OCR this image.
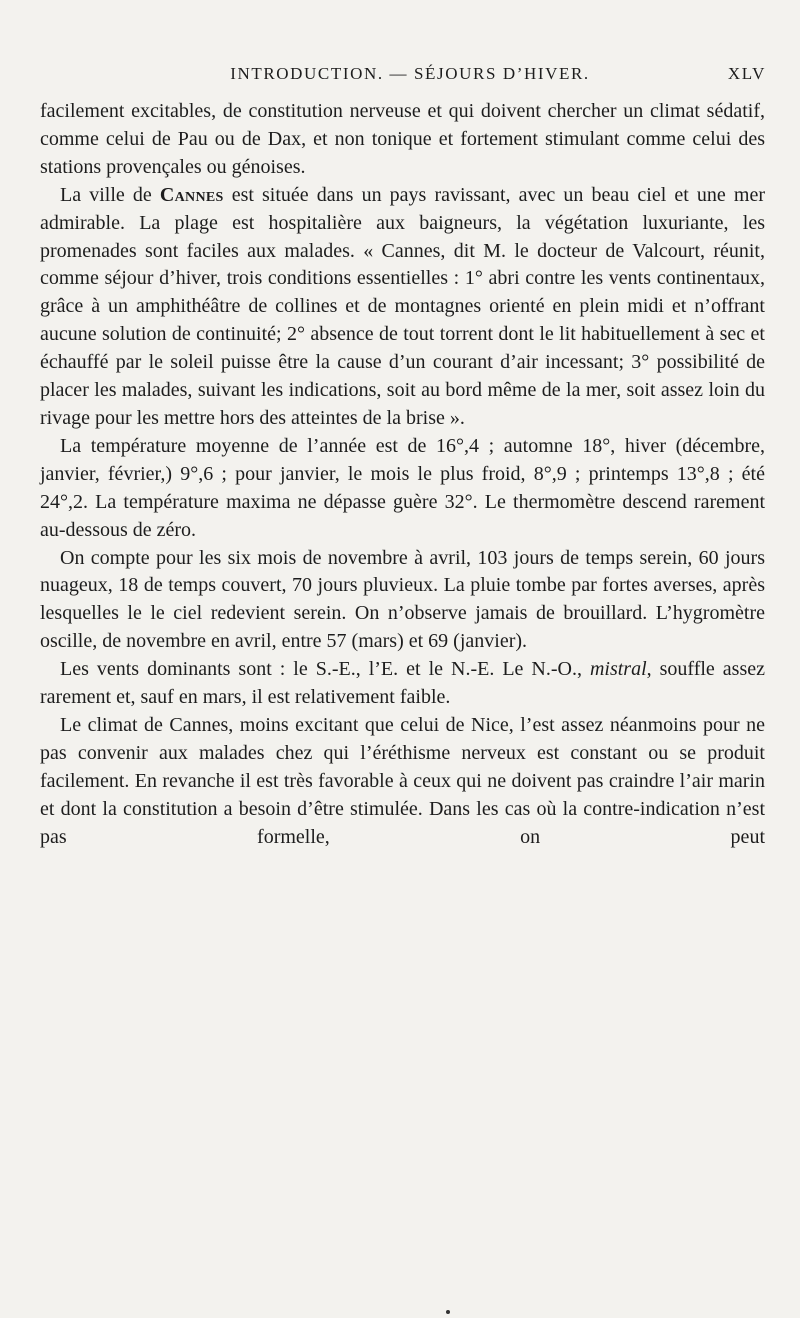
INTRODUCTION. — SÉJOURS D’HIVER.	XLV

facilement excitables, de constitution nerveuse et qui doivent chercher un climat sédatif, comme celui de Pau ou de Dax, et non tonique et fortement stimulant comme celui des stations provençales ou génoises.

La ville de Cannes est située dans un pays ravissant, avec un beau ciel et une mer admirable. La plage est hospitalière aux baigneurs, la végétation luxuriante, les promenades sont faciles aux malades. « Cannes, dit M. le docteur de Valcourt, réunit, comme séjour d’hiver, trois conditions essentielles : 1° abri contre les vents continentaux, grâce à un amphithéâtre de collines et de montagnes orienté en plein midi et n’offrant aucune solution de continuité; 2° absence de tout torrent dont le lit habituellement à sec et échauffé par le soleil puisse être la cause d’un courant d’air incessant; 3° possibilité de placer les malades, suivant les indications, soit au bord même de la mer, soit assez loin du rivage pour les mettre hors des atteintes de la brise ».

La température moyenne de l’année est de 16°,4 ; automne 18°, hiver (décembre, janvier, février,) 9°,6 ; pour janvier, le mois le plus froid, 8°,9 ; printemps 13°,8 ; été 24°,2. La température maxima ne dépasse guère 32°. Le thermomètre descend rarement au-dessous de zéro.

On compte pour les six mois de novembre à avril, 103 jours de temps serein, 60 jours nuageux, 18 de temps couvert, 70 jours pluvieux. La pluie tombe par fortes averses, après lesquelles le le ciel redevient serein. On n’observe jamais de brouillard. L’hygromètre oscille, de novembre en avril, entre 57 (mars) et 69 (janvier).

Les vents dominants sont : le S.-E., l’E. et le N.-E. Le N.-O., mistral, souffle assez rarement et, sauf en mars, il est relativement faible.

Le climat de Cannes, moins excitant que celui de Nice, l’est assez néanmoins pour ne pas convenir aux malades chez qui l’éréthisme nerveux est constant ou se produit facilement. En revanche il est très favorable à ceux qui ne doivent pas craindre l’air marin et dont la constitution a besoin d’être stimulée. Dans les cas où la contre-indication n’est pas formelle, on peut
